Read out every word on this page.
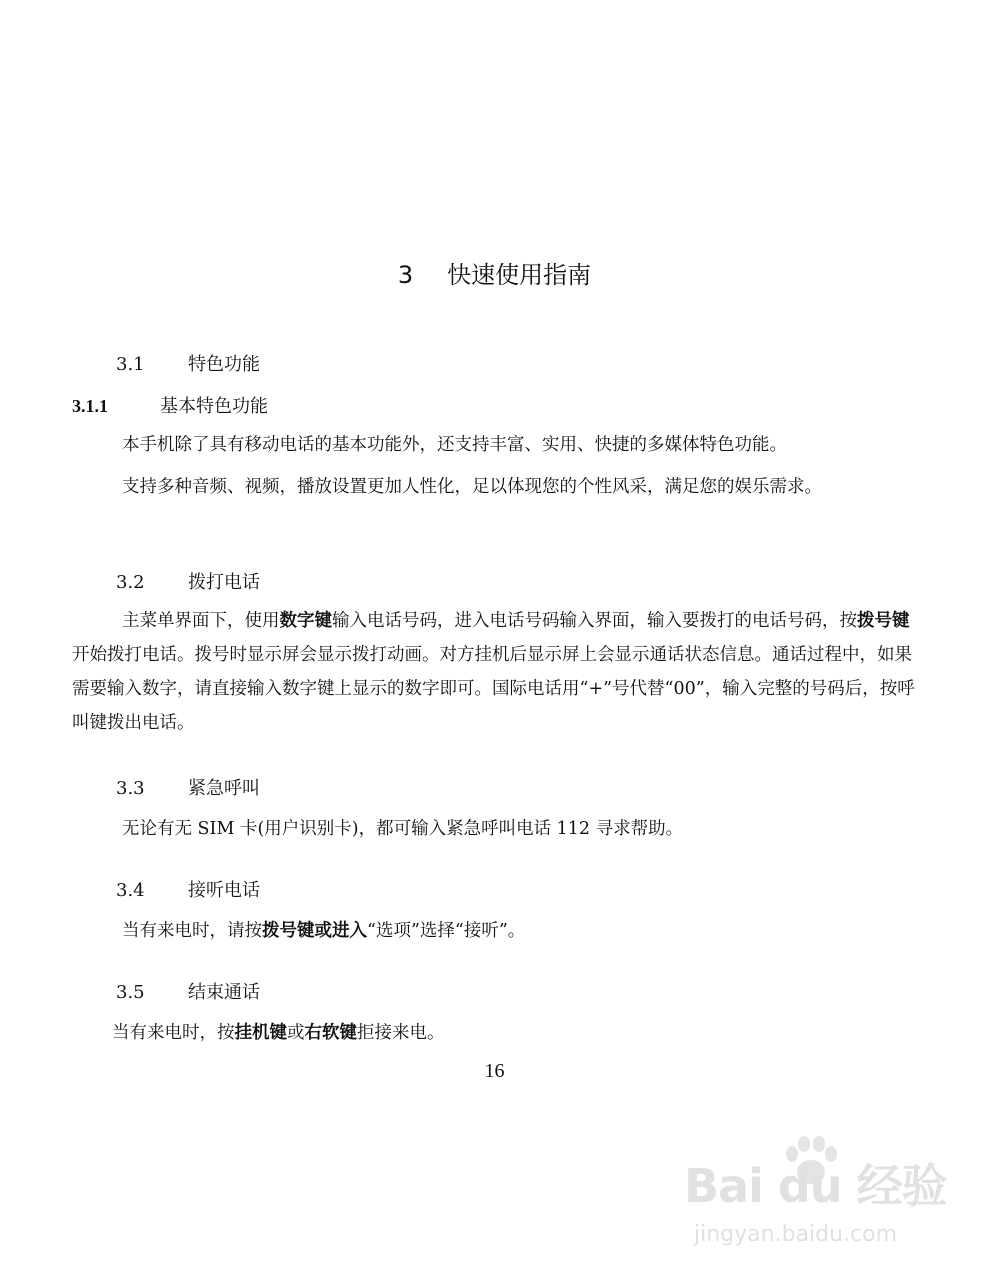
3 快速使用指南
3.1 特色功能
3.1.1	基本特色功能
本手机除了具有移动电话的基本功能外，还支持丰富、实用、快捷的多媒体特色功能。
支持多种音频、视频，播放设置更加人性化，足以体现您的个性风采，满足您的娱乐需求。
3.2 拨打电话
主菜单界面下，使用数字键输入电话号码，进入电话号码输入界面，输入要拨打的电话号码，按拨号键开始拨打电话。拨号时显示屏会显示拨打动画。对方挂机后显示屏上会显示通话状态信息。通话过程中，如果需要输入数字，请直接输入数字键上显示的数字即可。国际电话用“+”号代替“00”，输入完整的号码后，按呼叫键拨出电话。
3.3 紧急呼叫
无论有无 SIM 卡(用户识别卡)，都可输入紧急呼叫电话 112 寻求帮助。
3.4 接听电话
当有来电时，请按拨号键或进入“选项”选择“接听”。
3.5 结束通话
当有来电时，按挂机键或右软键拒接来电。
16
Bai du 经验
jingyan.baidu.com
